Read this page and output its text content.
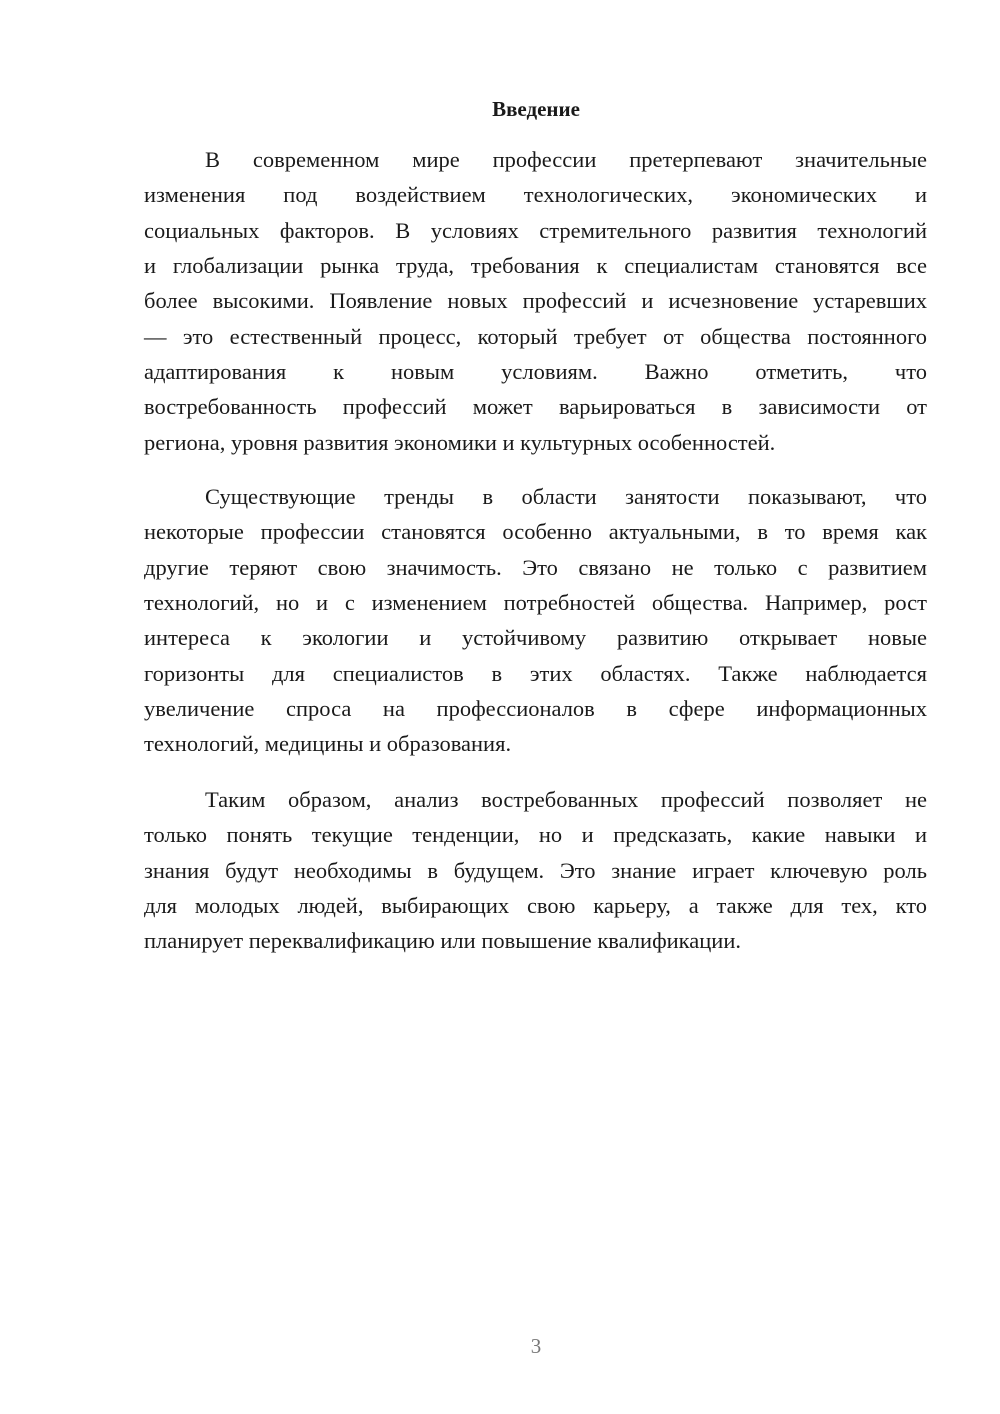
Введение
В современном мире профессии претерпевают значительные
изменения под воздействием технологических, экономических и
социальных факторов. В условиях стремительного развития технологий
и глобализации рынка труда, требования к специалистам становятся все
более высокими. Появление новых профессий и исчезновение устаревших
— это естественный процесс, который требует от общества постоянного
адаптирования к новым условиям. Важно отметить, что
востребованность профессий может варьироваться в зависимости от
региона, уровня развития экономики и культурных особенностей.
Существующие тренды в области занятости показывают, что
некоторые профессии становятся особенно актуальными, в то время как
другие теряют свою значимость. Это связано не только с развитием
технологий, но и с изменением потребностей общества. Например, рост
интереса к экологии и устойчивому развитию открывает новые
горизонты для специалистов в этих областях. Также наблюдается
увеличение спроса на профессионалов в сфере информационных
технологий, медицины и образования.
Таким образом, анализ востребованных профессий позволяет не
только понять текущие тенденции, но и предсказать, какие навыки и
знания будут необходимы в будущем. Это знание играет ключевую роль
для молодых людей, выбирающих свою карьеру, а также для тех, кто
планирует переквалификацию или повышение квалификации.
3
